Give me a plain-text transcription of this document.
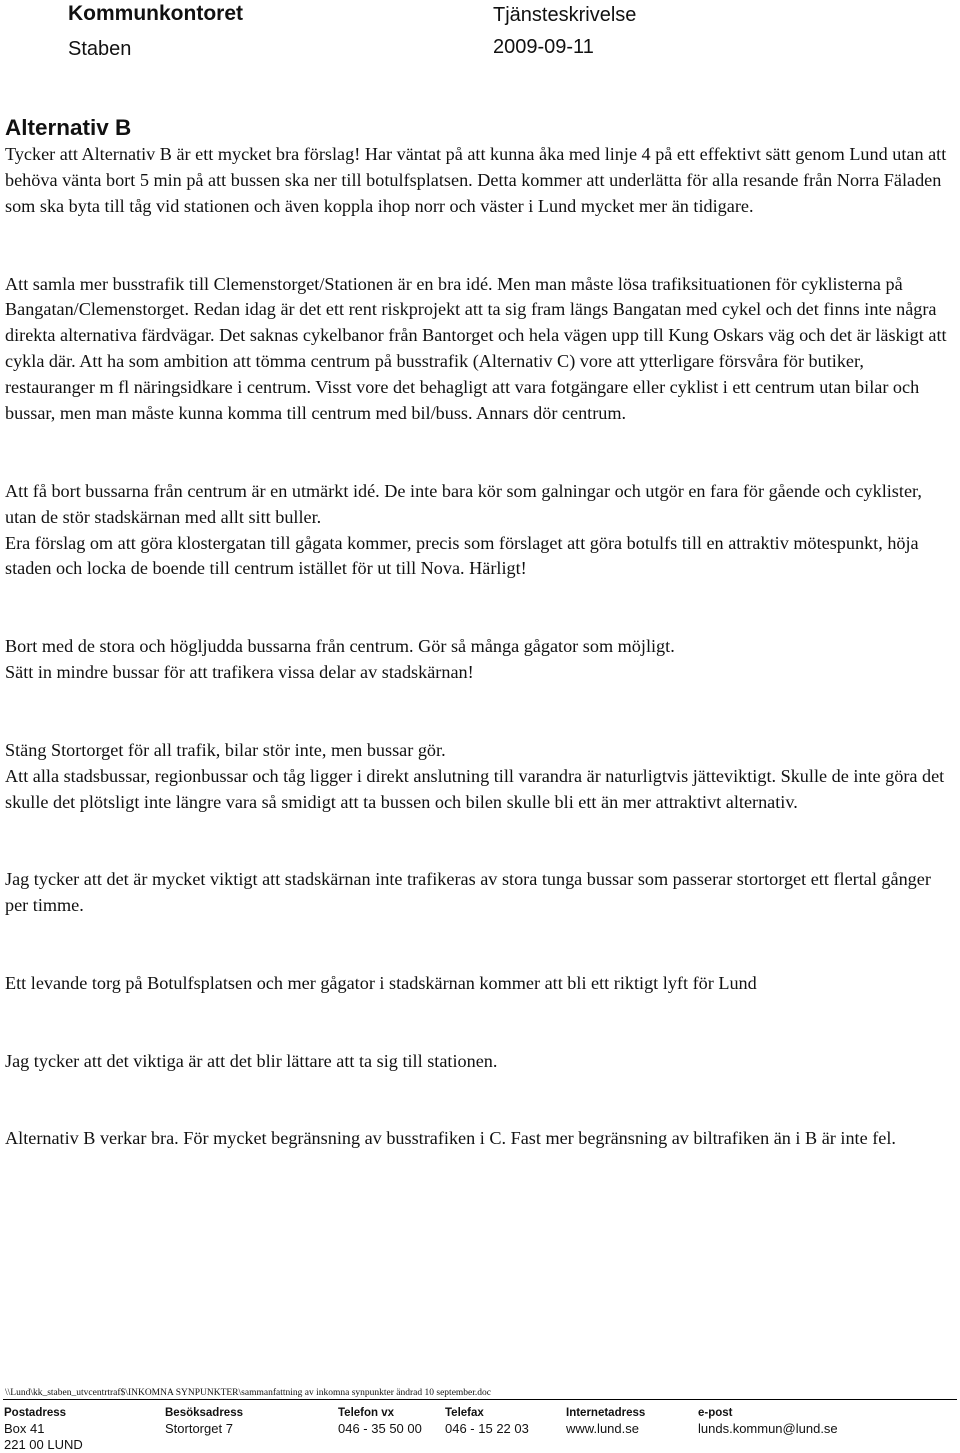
Kommunkontoret
Staben
Tjänsteskrivelse
2009-09-11
Alternativ B

Tycker att Alternativ B är ett mycket bra förslag! Har väntat på att kunna åka med linje 4 på ett effektivt sätt genom Lund utan att behöva vänta bort 5 min på att bussen ska ner till botulfsplatsen. Detta kommer att underlätta för alla resande från Norra Fäladen som ska byta till tåg vid stationen och även koppla ihop norr och väster i Lund mycket mer än tidigare.

Att samla mer busstrafik till Clemenstorget/Stationen är en bra idé. Men man måste lösa trafiksituationen för cyklisterna på Bangatan/Clemenstorget. Redan idag är det ett rent riskprojekt att ta sig fram längs Bangatan med cykel och det finns inte några direkta alternativa färdvägar. Det saknas cykelbanor från Bantorget och hela vägen upp till Kung Oskars väg och det är läskigt att cykla där. Att ha som ambition att tömma centrum på busstrafik (Alternativ C) vore att ytterligare försvåra för butiker, restauranger m fl näringsidkare i centrum. Visst vore det behagligt att vara fotgängare eller cyklist i ett centrum utan bilar och bussar, men man måste kunna komma till centrum med bil/buss. Annars dör centrum.

Att få bort bussarna från centrum är en utmärkt idé. De inte bara kör som galningar och utgör en fara för gående och cyklister, utan de stör stadskärnan med allt sitt buller.

Era förslag om att göra klostergatan till gågata kommer, precis som förslaget att göra botulfs till en attraktiv mötespunkt, höja staden och locka de boende till centrum istället för ut till Nova. Härligt!

Bort med de stora och högljudda bussarna från centrum. Gör så många gågator som möjligt.

Sätt in mindre bussar för att trafikera vissa delar av stadskärnan!

Stäng Stortorget för all trafik, bilar stör inte, men bussar gör.

Att alla stadsbussar, regionbussar och tåg ligger i direkt anslutning till varandra är naturligtvis jätteviktigt. Skulle de inte göra det skulle det plötsligt inte längre vara så smidigt att ta bussen och bilen skulle bli ett än mer attraktivt alternativ.

Jag tycker att det är mycket viktigt att stadskärnan inte trafikeras av stora tunga bussar som passerar stortorget ett flertal gånger per timme.

Ett levande torg på Botulfsplatsen och mer gågator i stadskärnan kommer att bli ett riktigt lyft för Lund

Jag tycker att det viktiga är att det blir lättare att ta sig till stationen.

Alternativ B verkar bra. För mycket begränsning av busstrafiken i C. Fast mer begränsning av biltrafiken än i B är inte fel.

\\Lund\kk_staben_utvcentrtraf$\INKOMNA SYNPUNKTER\sammanfattning av inkomna synpunkter ändrad 10 september.doc
Postadress
Box 41
221 00 LUND
Besöksadress
Stortorget 7
Telefon vx
046 - 35 50 00
Telefax
046 - 15 22 03
Internetadress
www.lund.se
e-post
lunds.kommun@lund.se
